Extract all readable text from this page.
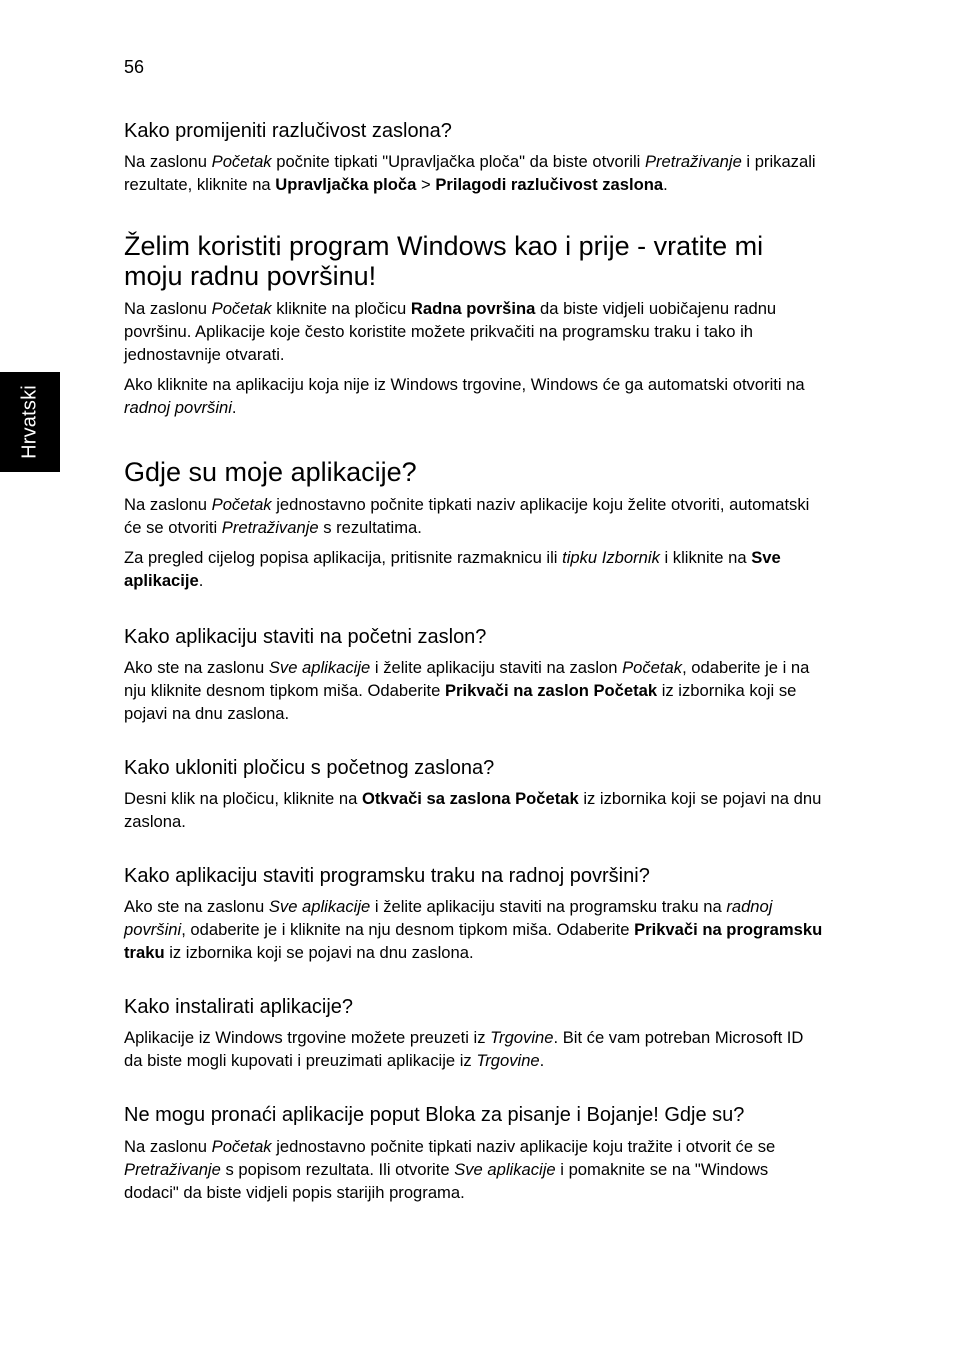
56
Hrvatski
Kako promijeniti razlučivost zaslona?

Na zaslonu Početak počnite tipkati "Upravljačka ploča" da biste otvorili Pretraživanje i prikazali rezultate, kliknite na Upravljačka ploča > Prilagodi razlučivost zaslona.

Želim koristiti program Windows kao i prije - vratite mi moju radnu površinu!

Na zaslonu Početak kliknite na pločicu Radna površina da biste vidjeli uobičajenu radnu površinu. Aplikacije koje često koristite možete prikvačiti na programsku traku i tako ih jednostavnije otvarati.

Ako kliknite na aplikaciju koja nije iz Windows trgovine, Windows će ga automatski otvoriti na radnoj površini.

Gdje su moje aplikacije?

Na zaslonu Početak jednostavno počnite tipkati naziv aplikacije koju želite otvoriti, automatski će se otvoriti Pretraživanje s rezultatima.

Za pregled cijelog popisa aplikacija, pritisnite razmaknicu ili tipku Izbornik i kliknite na Sve aplikacije.

Kako aplikaciju staviti na početni zaslon?

Ako ste na zaslonu Sve aplikacije i želite aplikaciju staviti na zaslon Početak, odaberite je i na nju kliknite desnom tipkom miša. Odaberite Prikvači na zaslon Početak iz izbornika koji se pojavi na dnu zaslona.

Kako ukloniti pločicu s početnog zaslona?

Desni klik na pločicu, kliknite na Otkvači sa zaslona Početak iz izbornika koji se pojavi na dnu zaslona.

Kako aplikaciju staviti programsku traku na radnoj površini?

Ako ste na zaslonu Sve aplikacije i želite aplikaciju staviti na programsku traku na radnoj površini, odaberite je i kliknite na nju desnom tipkom miša. Odaberite Prikvači na programsku traku iz izbornika koji se pojavi na dnu zaslona.

Kako instalirati aplikacije?

Aplikacije iz Windows trgovine možete preuzeti iz Trgovine. Bit će vam potreban Microsoft ID da biste mogli kupovati i preuzimati aplikacije iz Trgovine.

Ne mogu pronaći aplikacije poput Bloka za pisanje i Bojanje! Gdje su?

Na zaslonu Početak jednostavno počnite tipkati naziv aplikacije koju tražite i otvorit će se Pretraživanje s popisom rezultata. Ili otvorite Sve aplikacije i pomaknite se na "Windows dodaci" da biste vidjeli popis starijih programa.
